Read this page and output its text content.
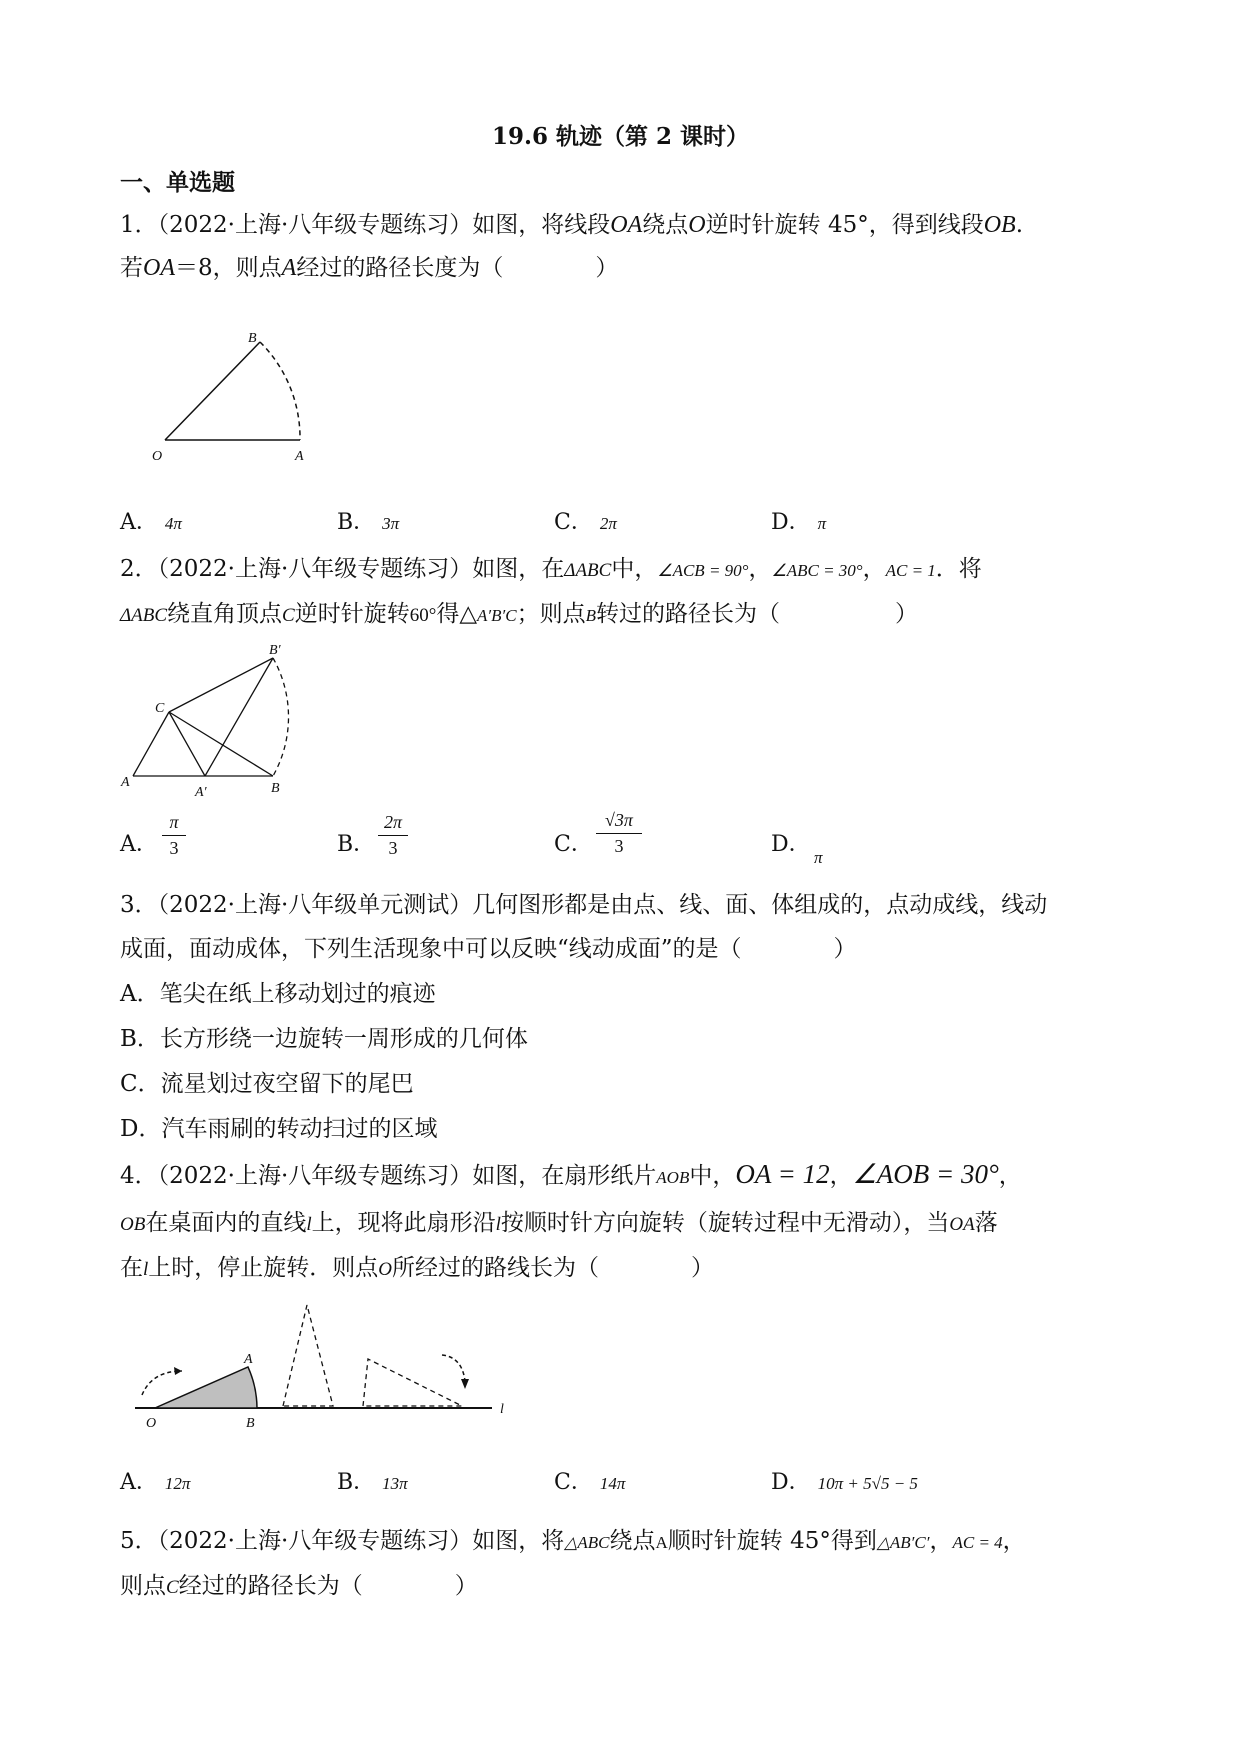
19.6 轨迹（第 2 课时）
一、单选题
1．（2022·上海·八年级专题练习）如图，将线段OA绕点O逆时针旋转 45°，得到线段OB.
若OA＝8，则点A经过的路径长度为（　　　　）
B
O	A
A． 4π	B． 3π	C． 2π	D． π
2．（2022·上海·八年级专题练习）如图，在ΔABC中，∠ACB = 90°，∠ABC = 30°，AC = 1．将
ΔABC绕直角顶点C逆时针旋转60°得△A′B′C；则点B转过的路径长为（　　　　　）
B′
C
A
A′	B
A．
π
3	B．
2π
3	C．
√3π
3	D．
π
3．（2022·上海·八年级单元测试）几何图形都是由点、线、面、体组成的，点动成线，线动
成面，面动成体，下列生活现象中可以反映“线动成面”的是（　　　　）
A．笔尖在纸上移动划过的痕迹
B．长方形绕一边旋转一周形成的几何体
C．流星划过夜空留下的尾巴
D．汽车雨刷的转动扫过的区域
4．（2022·上海·八年级专题练习）如图，在扇形纸片AOB中，OA = 12，∠AOB = 30°，
OB在桌面内的直线l上，现将此扇形沿l按顺时针方向旋转（旋转过程中无滑动），当OA落
在l上时，停止旋转．则点O所经过的路线长为（　　　　）
A
O	B
l
A． 12π	B． 13π	C． 14π	D． 10π + 5√5 − 5
5．（2022·上海·八年级专题练习）如图，将△ABC绕点A顺时针旋转 45°得到△AB′C′，AC = 4，
则点C经过的路径长为（　　　　）
